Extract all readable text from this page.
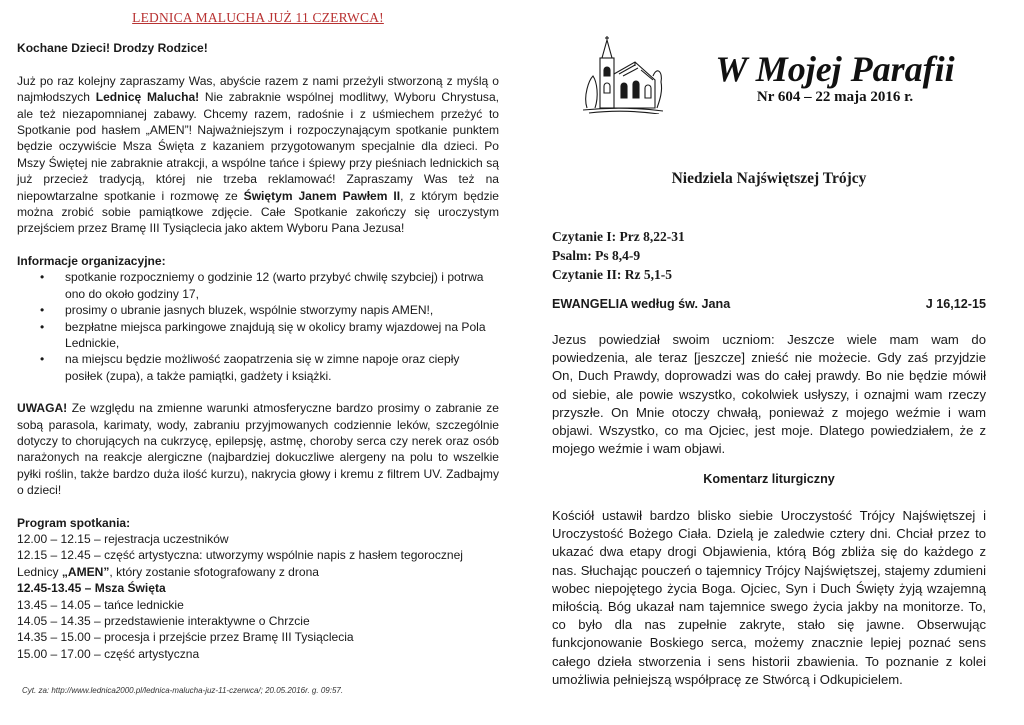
LEDNICA MALUCHA JUŻ 11 CZERWCA!
Kochane Dzieci! Drodzy Rodzice!

Już po raz kolejny zapraszamy Was, abyście razem z nami przeżyli stworzoną z myślą o najmłodszych Lednicę Malucha! Nie zabraknie wspólnej modlitwy, Wyboru Chrystusa, ale też niezapomnianej zabawy. Chcemy razem, radośnie i z uśmiechem przeżyć to Spotkanie pod hasłem „AMEN”! Najważniejszym i rozpoczynającym spotkanie punktem będzie oczywiście Msza Święta z kazaniem przygotowanym specjalnie dla dzieci. Po Mszy Świętej nie zabraknie atrakcji, a wspólne tańce i śpiewy przy pieśniach lednickich są już przecież tradycją, której nie trzeba reklamować! Zapraszamy Was też na niepowtarzalne spotkanie i rozmowę ze Świętym Janem Pawłem II, z którym będzie można zrobić sobie pamiątkowe zdjęcie. Całe Spotkanie zakończy się uroczystym przejściem przez Bramę III Tysiąclecia jako aktem Wyboru Pana Jezusa!

Informacje organizacyjne:
• spotkanie rozpoczniemy o godzinie 12 (warto przybyć chwilę szybciej) i potrwa ono do około godziny 17,
• prosimy o ubranie jasnych bluzek, wspólnie stworzymy napis AMEN!,
• bezpłatne miejsca parkingowe znajdują się w okolicy bramy wjazdowej na Pola Lednickie,
• na miejscu będzie możliwość zaopatrzenia się w zimne napoje oraz ciepły posiłek (zupa), a także pamiątki, gadżety i książki.

UWAGA! Ze względu na zmienne warunki atmosferyczne bardzo prosimy o zabranie ze sobą parasola, karimaty, wody, zabraniu przyjmowanych codziennie leków, szczególnie dotyczy to chorujących na cukrzycę, epilepsję, astmę, choroby serca czy nerek oraz osób narażonych na reakcje alergiczne (najbardziej dokuczliwe alergeny na polu to wszelkie pyłki roślin, także bardzo duża ilość kurzu), nakrycia głowy i kremu z filtrem UV. Zadbajmy o dzieci!

Program spotkania:
12.00 – 12.15 – rejestracja uczestników
12.15 – 12.45 – część artystyczna: utworzymy wspólnie napis z hasłem tegorocznej
Lednicy „AMEN”, który zostanie sfotografowany z drona
12.45-13.45 – Msza Święta
13.45 – 14.05 – tańce lednickie
14.05 – 14.35 – przedstawienie interaktywne o Chrzcie
14.35 – 15.00 – procesja i przejście przez Bramę III Tysiąclecia
15.00 – 17.00 – część artystyczna
Cyt. za: http://www.lednica2000.pl/lednica-malucha-juz-11-czerwca/; 20.05.2016r. g. 09:57.
W Mojej Parafii
Nr 604 – 22 maja 2016 r.
Niedziela Najświętszej Trójcy
Czytanie I: Prz 8,22-31
Psalm: Ps 8,4-9
Czytanie II: Rz 5,1-5
EWANGELIA według św. Jana	J 16,12-15

Jezus powiedział swoim uczniom: Jeszcze wiele mam wam do powiedzenia, ale teraz [jeszcze] znieść nie możecie. Gdy zaś przyjdzie On, Duch Prawdy, doprowadzi was do całej prawdy. Bo nie będzie mówił od siebie, ale powie wszystko, cokolwiek usłyszy, i oznajmi wam rzeczy przyszłe. On Mnie otoczy chwałą, ponieważ z mojego weźmie i wam objawi. Wszystko, co ma Ojciec, jest moje. Dlatego powiedziałem, że z mojego weźmie i wam objawi.

Komentarz liturgiczny

Kościół ustawił bardzo blisko siebie Uroczystość Trójcy Najświętszej i Uroczystość Bożego Ciała. Dzielą je zaledwie cztery dni. Chciał przez to ukazać dwa etapy drogi Objawienia, którą Bóg zbliża się do każdego z nas. Słuchając pouczeń o tajemnicy Trójcy Najświętszej, stajemy zdumieni wobec niepojętego życia Boga. Ojciec, Syn i Duch Święty żyją wzajemną miłością. Bóg ukazał nam tajemnice swego życia jakby na monitorze. To, co było dla nas zupełnie zakryte, stało się jawne. Obserwując funkcjonowanie Boskiego serca, możemy znacznie lepiej poznać sens całego dzieła stworzenia i sens historii zbawienia. To poznanie z kolei umożliwia pełniejszą współpracę ze Stwórcą i Odkupicielem.
